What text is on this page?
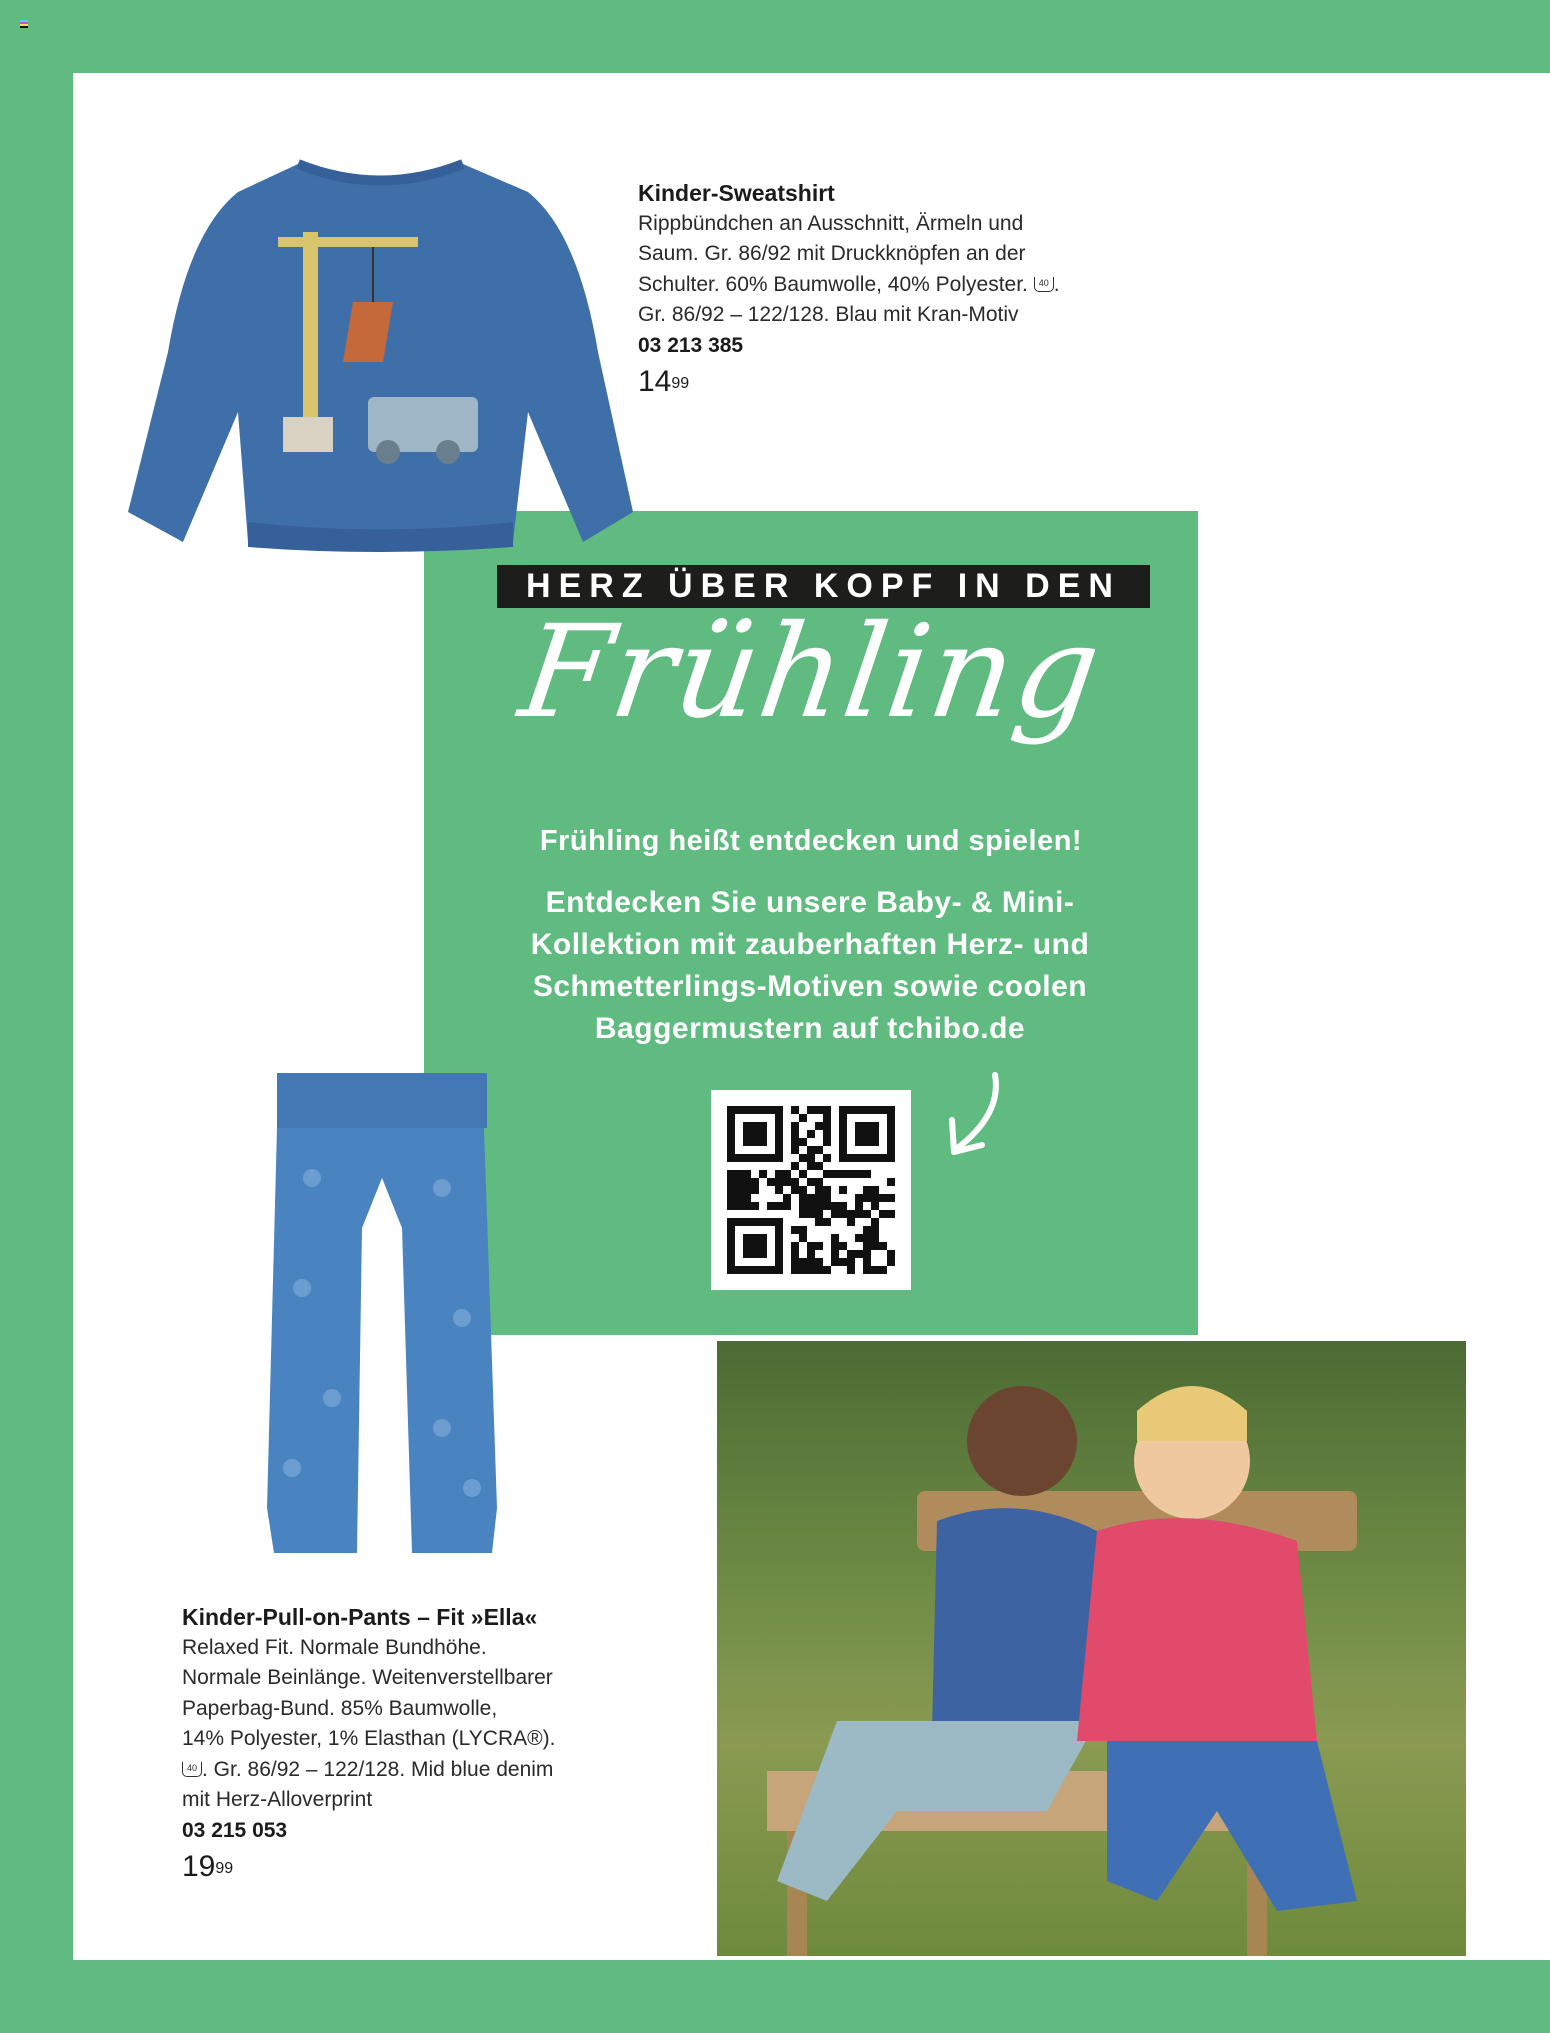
Kinder-Sweatshirt
Rippbündchen an Ausschnitt, Ärmeln und
Saum. Gr. 86/92 mit Druckknöpfen an der
Schulter. 60% Baumwolle, 40% Polyester. 40 .
Gr. 86/92 – 122/128. Blau mit Kran-Motiv
03 213 385
$14^{99}$
HERZ ÜBER KOPF IN DEN
Frühling
Frühling heißt entdecken und spielen!
Entdecken Sie unsere Baby- & Mini-
Kollektion mit zauberhaften Herz- und
Schmetterlings-Motiven sowie coolen
Baggermustern auf tchibo.de
Kinder-Pull-on-Pants – Fit »Ella«
Relaxed Fit. Normale Bundhöhe.
Normale Beinlänge. Weitenverstellbarer
Paperbag-Bund. 85% Baumwolle,
14% Polyester, 1% Elasthan (LYCRA®).
40 . Gr. 86/92 – 122/128. Mid blue denim
mit Herz-Alloverprint
03 215 053
$19^{99}$
